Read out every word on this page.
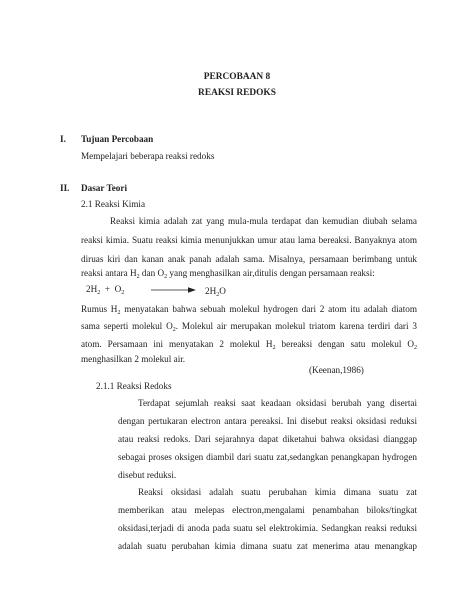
PERCOBAAN 8
REAKSI REDOKS
I. Tujuan Percobaan
Mempelajari beberapa reaksi redoks
II. Dasar Teori
2.1 Reaksi Kimia
Reaksi kimia adalah zat yang mula-mula terdapat dan kemudian diubah selama
reaksi kimia. Suatu reaksi kimia menunjukkan umur atau lama bereaksi. Banyaknya atom
diruas kiri dan kanan anak panah adalah sama. Misalnya, persamaan berimbang untuk
reaksi antara $H_2$ dan $O_2$ yang menghasilkan air,ditulis dengan persamaan reaksi:
$2H_2 + O_2 \to 2H_2O$
Rumus $H_2$ menyatakan bahwa sebuah molekul hydrogen dari 2 atom itu adalah diatom
sama seperti molekul $O_2$. Molekul air merupakan molekul triatom karena terdiri dari 3
atom. Persamaan ini menyatakan 2 molekul $H_2$ bereaksi dengan satu molekul $O_2$
menghasilkan 2 molekul air.
(Keenan,1986)
2.1.1 Reaksi Redoks
Terdapat sejumlah reaksi saat keadaan oksidasi berubah yang disertai
dengan pertukaran electron antara pereaksi. Ini disebut reaksi oksidasi reduksi
atau reaksi redoks. Dari sejarahnya dapat diketahui bahwa oksidasi dianggap
sebagai proses oksigen diambil dari suatu zat,sedangkan penangkapan hydrogen
disebut reduksi.
Reaksi oksidasi adalah suatu perubahan kimia dimana suatu zat
memberikan atau melepas electron,mengalami penambahan biloks/tingkat
oksidasi,terjadi di anoda pada suatu sel elektrokimia. Sedangkan reaksi reduksi
adalah suatu perubahan kimia dimana suatu zat menerima atau menangkap
